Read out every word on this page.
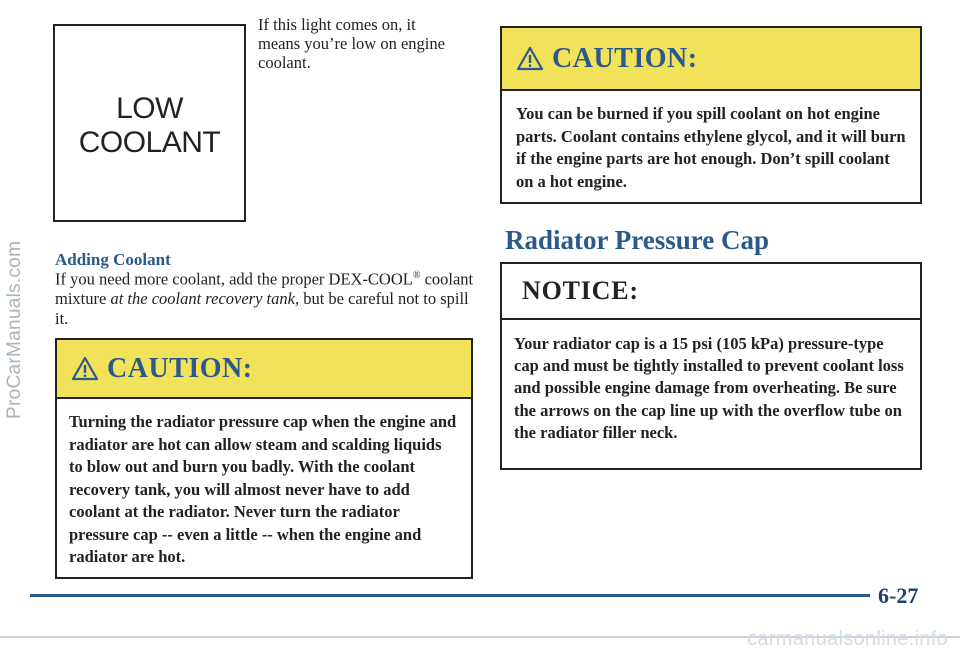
ProCarManuals.com
LOW
COOLANT
If this light comes on, it means you’re low on engine coolant.
Adding Coolant
If you need more coolant, add the proper DEX-COOL® coolant mixture at the coolant recovery tank, but be careful not to spill it.
CAUTION:
Turning the radiator pressure cap when the engine and radiator are hot can allow steam and scalding liquids to blow out and burn you badly. With the coolant recovery tank, you will almost never have to add coolant at the radiator. Never turn the radiator pressure cap -- even a little -- when the engine and radiator are hot.
CAUTION:
You can be burned if you spill coolant on hot engine parts. Coolant contains ethylene glycol, and it will burn if the engine parts are hot enough. Don’t spill coolant on a hot engine.
Radiator Pressure Cap
NOTICE:
Your radiator cap is a 15 psi (105 kPa) pressure-type cap and must be tightly installed to prevent coolant loss and possible engine damage from overheating. Be sure the arrows on the cap line up with the overflow tube on the radiator filler neck.
6-27
carmanualsonline.info
